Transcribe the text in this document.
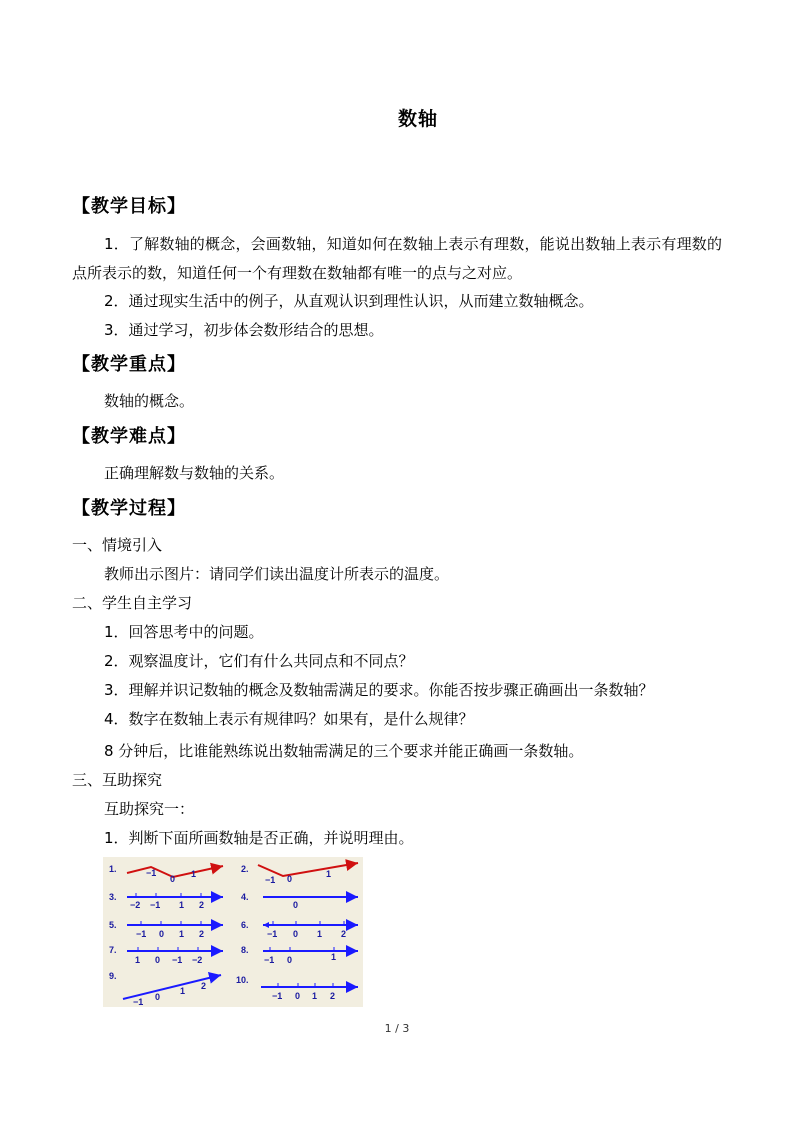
数轴
【教学目标】
1．了解数轴的概念，会画数轴，知道如何在数轴上表示有理数，能说出数轴上表示有理数的点所表示的数，知道任何一个有理数在数轴都有唯一的点与之对应。
2．通过现实生活中的例子，从直观认识到理性认识，从而建立数轴概念。
3．通过学习，初步体会数形结合的思想。
【教学重点】
数轴的概念。
【教学难点】
正确理解数与数轴的关系。
【教学过程】
一、情境引入
教师出示图片：请同学们读出温度计所表示的温度。
二、学生自主学习
1．回答思考中的问题。
2．观察温度计，它们有什么共同点和不同点？
3．理解并识记数轴的概念及数轴需满足的要求。你能否按步骤正确画出一条数轴？
4．数字在数轴上表示有规律吗？如果有，是什么规律？
8 分钟后，比谁能熟练说出数轴需满足的三个要求并能正确画一条数轴。
三、互助探究
互助探究一：
1．判断下面所画数轴是否正确，并说明理由。
1.	−1
0 1	2.
−1 0	1
3.
−2 −1 1 2
4.
0
5.
−1 0 1 2
6.
−1 0 1 2
7.
1 0 −1 −2
8.
−1 0	1
9.
−1 0
1 2
10.
−1 0 1 2
1 / 3
